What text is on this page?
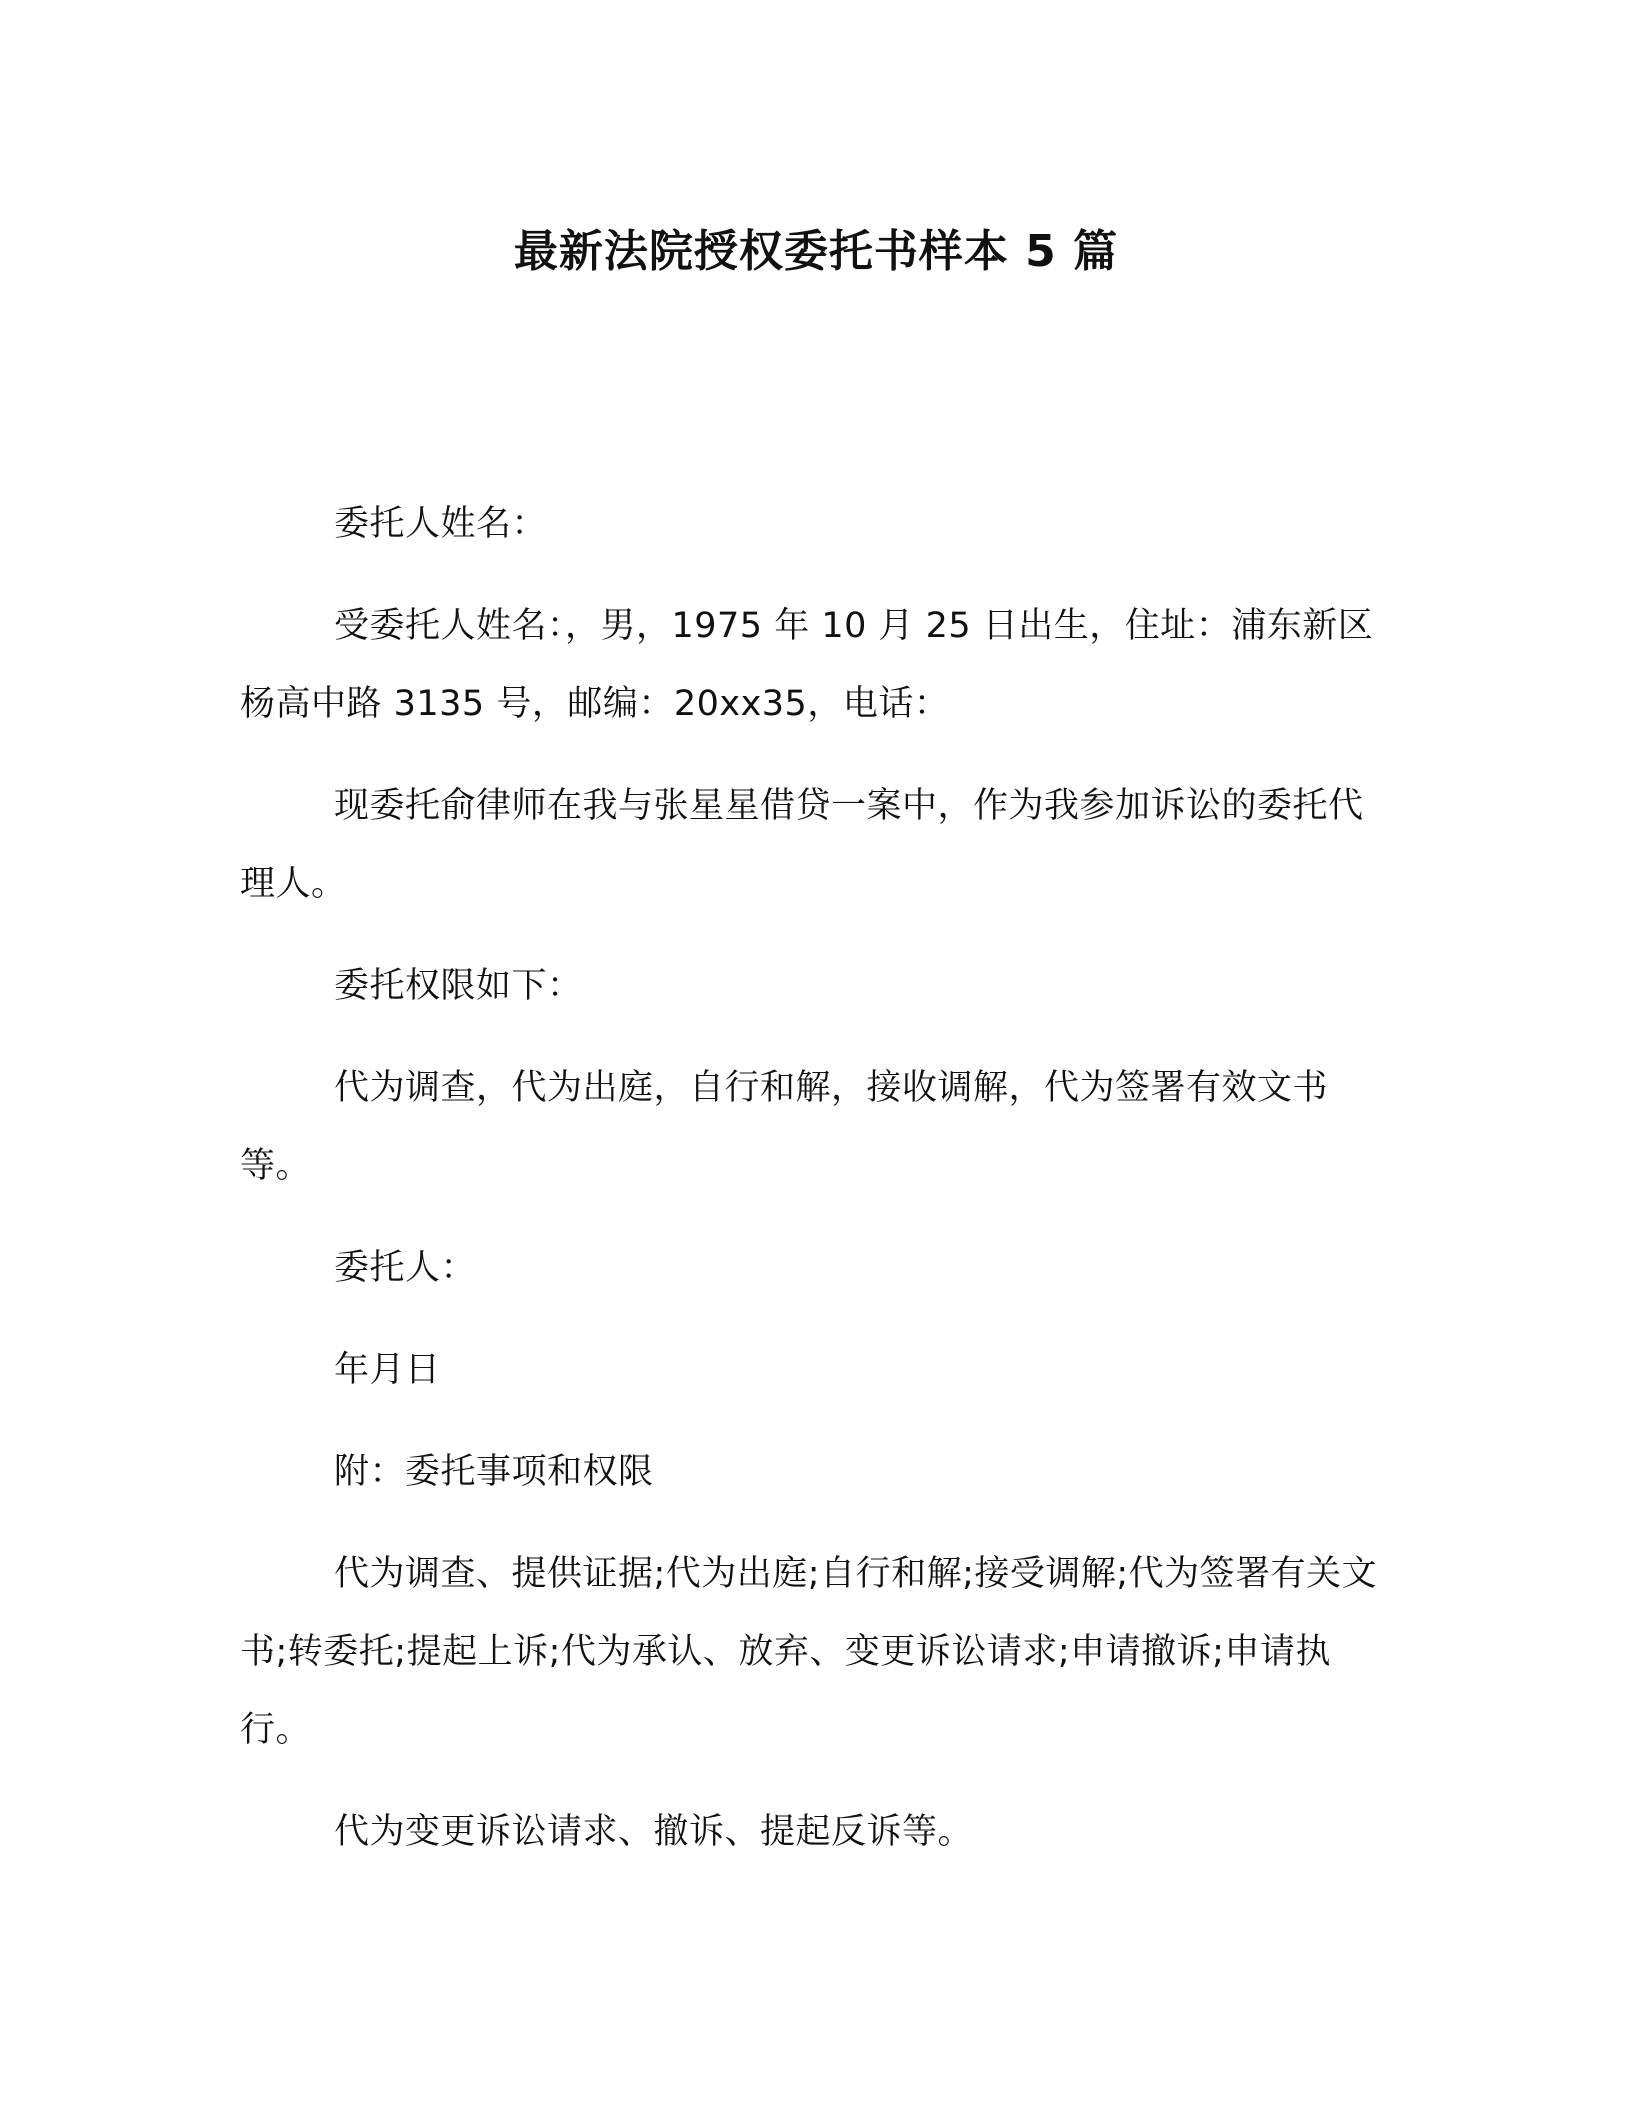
最新法院授权委托书样本 5 篇

委托人姓名：

受委托人姓名：，男，1975 年 10 月 25 日出生，住址：浦东新区杨高中路 3135 号，邮编：20xx35，电话：

现委托俞律师在我与张星星借贷一案中，作为我参加诉讼的委托代理人。

委托权限如下：

代为调查，代为出庭，自行和解，接收调解，代为签署有效文书等。

委托人：

年月日

附：委托事项和权限

代为调查、提供证据;代为出庭;自行和解;接受调解;代为签署有关文书;转委托;提起上诉;代为承认、放弃、变更诉讼请求;申请撤诉;申请执行。

代为变更诉讼请求、撤诉、提起反诉等。
